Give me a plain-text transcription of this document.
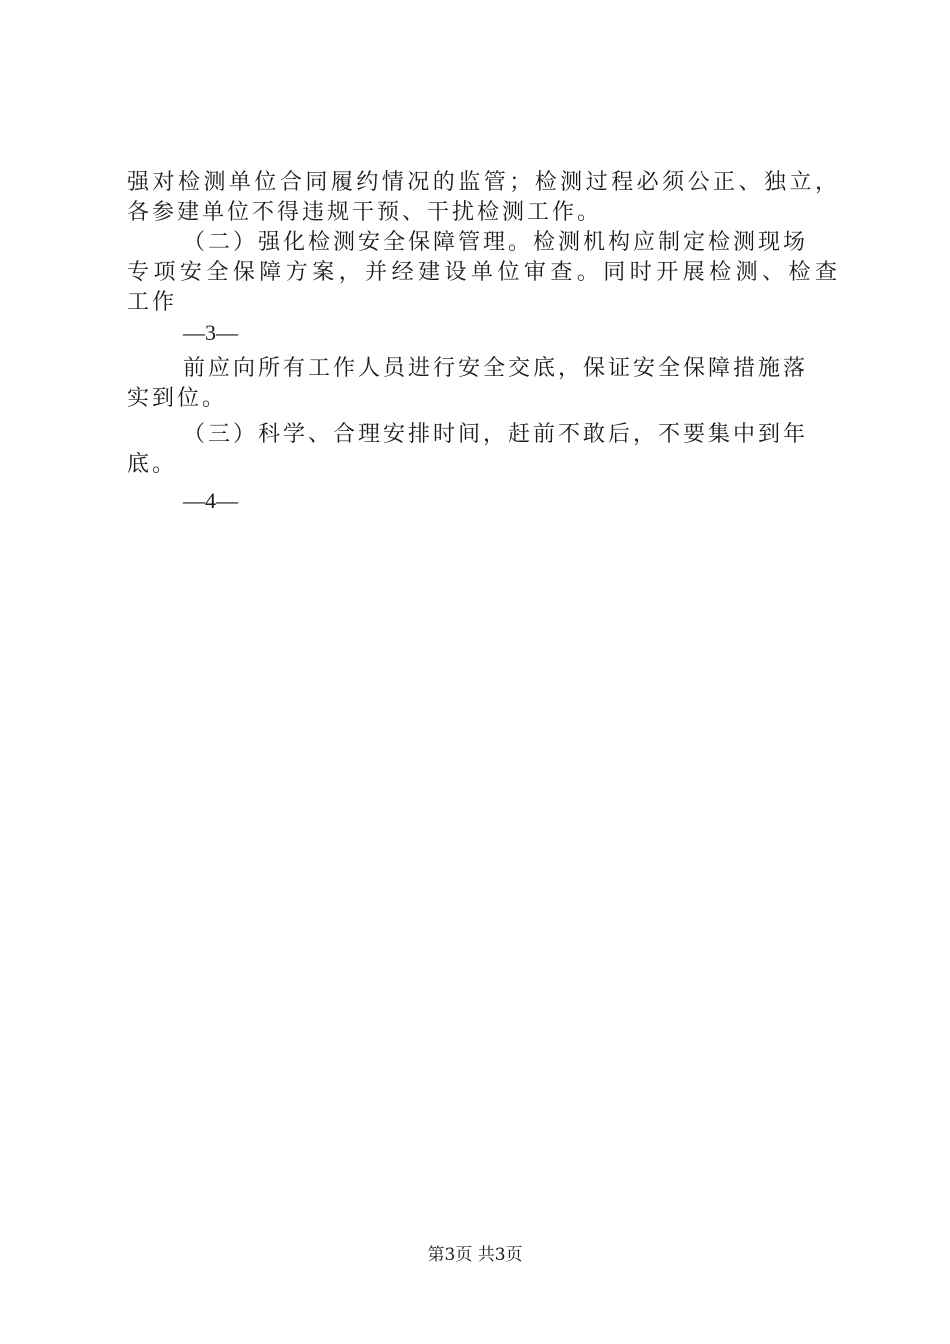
强对检测单位合同履约情况的监管；检测过程必须公正、独立，

各参建单位不得违规干预、干扰检测工作。

（二）强化检测安全保障管理。检测机构应制定检测现场

专项安全保障方案，并经建设单位审查。同时开展检测、检查

工作

—3—

前应向所有工作人员进行安全交底，保证安全保障措施落

实到位。

（三）科学、合理安排时间，赶前不敢后，不要集中到年

底。

—4—

第3页 共3页
